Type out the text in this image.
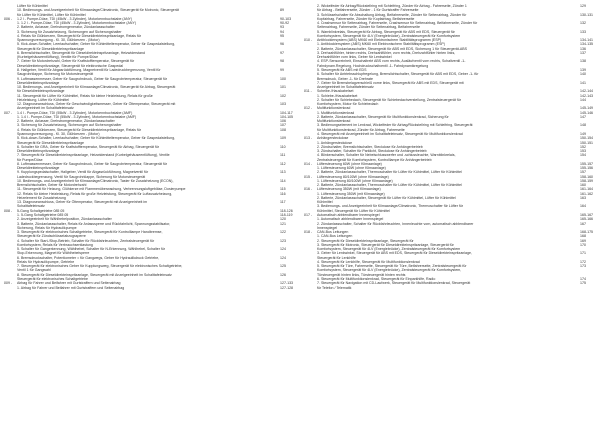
Lüfter für Kühlmittel
10. Bedienungs- und Anzeigeeinheit für Klimaanlage/Climatronic, Steuergerät für Motronic, Steuergerät	89
für Lüfter für Kühlmittel, Lüfter für Kühlmittel
006 -	1.2 l - Pumpe-Düse, TDI (45kW - 3 Zylinder), Motorkennbuchstabe (ANY)	90-103
1. 1.2 l - Pumpe-Düse, TDI (45kW - 3 Zylinder), Motorkennbuchstabe (ANY)	90-92
2. Batterie, Anlasser, Drehstromgenerator, Zündanlassschalter	93
3. Sicherung für Zusatzheizung, Sicherungen auf Sicherungshalter	94
4. Relais für Glühkerzen, Steuergerät für Dieseldirekteinspritzanlage, Relais für	95
Spannungsversorgung - Kl. 30, Glühkerzen - (Motor)
5. Kick-down-Schalter, Leerlaufschalter, Geber für Kühlmitteltemperatur, Geber für Gaspedalstellung,	96
Steuergerät für Dieseldirekteinspritzanlage
6. Bremslichtschalter, Steuergerät für Dieseldirekteinspritzanlage, Heizwiderstand	97
(Kurbelgehäuseentlüftung), Ventile für Pumpe/Düse
7. Geber für Motordrehzahl, Geber für Kraftstofftemperatur, Steuergerät für	98
Dieseldirekteinspritzanlage, Steuergerät für elektronische Gaspedal
8. Hallgeber, Ventil für Abgasrückführung, Magnetventil für Ladedruckbegrenzung, Ventil für	99
Saugrohrklappe, Sicherung für Motorsteuergerät
9. Luftmassenmesser, Geber für Saugrohrdruck, Geber für Saugrohrtemperatur, Steuergerät für	100
Dieseldirekteinspritzanlage
10. Bedienungs- und Anzeigeeinheit für Klimaanlage/Climatronic, Steuergerät für Airbag, Steuergerät	101
für Dieseldirekteinspritzanlage
11. Steuergerät für Lüfter für Kühlmittel, Relais für kleine Heizleistung, Relais für große	102
Heizleistung, Lüfter für Kühlmittel
12. Diagnoseanschluss, Geber für Geschwindigkeitsmesser, Geber für Öltemperatur, Steuergerät mit	103
Anzeigeeinheit im Schalttafeleinsatz
007 -	1.4 l - Pumpe-Düse, TDI (55kW - 3 Zylinder), Motorkennbuchstabe (AMF)	104-117
1. 1.4 l - Pumpe-Düse, TDI (55kW - 3 Zylinder), Motorkennbuchstabe (AMF)	104-105
2. Batterie, Anlasser, Drehstromgenerator, Zündanlassschalter	106
3. Sicherung für Zusatzheizung, Sicherungen auf Sicherungshalter	107
4. Relais für Glühkerzen, Steuergerät für Dieseldirekteinspritzanlage, Relais für	108
Spannungsversorgung - Kl. 30, Glühkerzen - (Motor)
5. Kick-down-Schalter, Leerlaufschalter, Geber für Kühlmitteltemperatur, Geber für Gaspedalstellung,	109
Steuergerät für Dieseldirekteinspritzanlage
6. Schalter für GRA, Geber für Kraftstofftemperatur, Steuergerät für Airbag, Steuergerät für	110
Dieseldirekteinspritzanlage
7. Steuergerät für Dieseldirekteinspritzanlage, Heizwiderstand (Kurbelgehäuseentlüftung), Ventile	111
für Pumpe/Düse
8. Luftmassenmesser, Geber für Saugrohrdruck, Geber für Saugrohrtemperatur, Steuergerät für	112
Dieseldirekteinspritzanlage
9. Kupplungspedalschalter, Hallgeber, Ventil für Abgasrückführung, Magnetventil für	113
Ladedruckbegrenzung, Ventil für Saugrohrklappe, Sicherung für Motorsteuergerät
10. Bedienungs- und Anzeigeeinheit für Klimaanlage/Climatronic, Taster für Zusatzheizung (ECON),	114
Bremslichtschalter, Geber für Motordrehzahl
11. Steuergerät für Heizung, Glühkerze mit Flammenüberwachung, Verbrennungsluftgebläse, Dosierpumpe	115
12. Relais für kleine Heizleistung, Relais für große Heizleistung, Steuergerät für Luftzusatzheizung,	116
Heizelement für Zusatzheizung
13. Diagnoseanschluss, Geber für Öltemperatur, Steuergerät mit Anzeigeeinheit im	117
Schalttafeleinsatz
008 -	5-Gang Schaltgetriebe 085 05	118-126
1. 5-Gang Schaltgetriebe 085 05	118-119
2. Anzeigeeinheit für Wählhebelposition, Zündanlassschalter	120
3. Batterie, Zündanlassschalter, Relais für Anlasssperre und Rückfahrlicht, Spannungsstabilisator,	121
Sicherung, Relais für Hydraulikpumpe
3. Steuergerät für elektronisches Schaltgetriebe, Steuergerät für Kontrolllampe Handbremse,	122
Steuergerät für Zündschlüsselabzugssperre
4. Schalter für Start-/Stop-Betrieb, Schalter für Rückfahrleuchten, Zentralsteuergerät für	123
Komfortsystem, Relais für Verbrauchsentlastung
5. Schalter für Gangerkennung, Wählhebel, Schalter für N-Erkennung, Wählhebel, Schalter für	124
Stop-Erkennung, Magnet für Wählhebelsperre
6. Bremsdruckschalter, Potentiometer = für Gangwegs, Geber für Hydraulikdruck Getriebe,	124
Relais für Hydraulikpumpe, Getriebe
7. Steuergerät für elektronisches Geber für Kupplungsweg, Steuergerät für elektronisches Schaltgetriebe,	125
Ventil 1 für Gangwahl
8. Steuergerät für Dieseldirekteinspritzanlage, Steuergerät mit Anzeigeeinheit im Schalttafeleinsatz	126
Steuergerät für elektronisches Schaltgetriebe
009 -	Airbag für Fahrer und Beifahrer mit Gurtstraffern und Seitenairbag	127-133
1. Airbag für Fahrer und Beifahrer mit Gurtstraffern und Seitenairbag	127-128
2. Wickelfeder für Airbag/Rückstellring mit Schleifring, Zünder für Airbag - Fahrerseite, Zünder 1	129
für Airbag - Beifahrerseite, Zünder - 1 für Gurtstraffer Fahrerseite
3. Schlüsselschalter für Abschaltung Airbag, Beifahrerseite, Zünder für Seitenairbag, Zünder für	130-131
Kopfairbag, Fahrerseite, Zünder für Kopfairbag, Beifahrerseite
4. Crashsensor für Seitenairbag, Fahrerseite, Crashsensor für Seitenairbag, Beifahrerseite, Zünder für	132
Seitenairbag, Fahrerseite, Zünder für Seitenairbag, Beifahrerseite
5. Warnblinkrelais, Steuergerät für Airbag, Steuergerät für ABS mit EDS, Steuergerät für	133
Komfortsystem, Steuergerät für 4LV (Energiebrücke), Zentralsteuergerät für Komfortsystem
010 -	Antiblockiersystem (ABS) MK60 mit Elektronischem Stabilitätsprogramm (ESP)	134-141
1. Antiblockiersystem (ABS) MK60 mit Elektronischem Stabilitätsprogramm (ESP)	134-135
2. Batterie, Zündanlassschalter, Steuergerät für ABS mit EDS, Sicherung 1 für Steuergerät-ABS	136
3. Drehzahlfühler, hinten rechts, Drehzahlfühler, vorn rechts, Drehzahlfühler hinten links,	137
Drehzahlfühler vorn links, Geber für Lenkwinkel
4. ESP-Sensoreinheit, Einschaltrelé ABS vorn rechts, Ausläufventil vorn rechts, Schaltventil -1-	138
Fahrdynam.Regelung, Hochdruckschaltventil -1- Fahrdynamikregelung
5. Steuergerät für ABS mit EDS	139
6. Schalter für Antriebsschlupfregelung, Bremslichtschalter, Steuergerät für ABS mit EDS, Geber -1- für	140
Bremsdruck, Geber -1- für Drehrate
7. Geber für Bremsbelagverschleiß vorne links, Steuergerät für ABS mit EDS, Steuergerät mit	141
Anzeigeeinheit im Schalttafeleinsatz
011 -	Scheibe-/Hauskabelset	142-144
1. Schiebe-/Hauskabelset	142-143
2. Schalter für Schiebedach, Steuergerät für Schiebedachverstellung, Zentralsteuergerät für	144
Komfortsystem, Motor für Schiebedach
012 -	Multifunktionslenkrad	145-149
1. Multifunktionslenkrad	145-146
2. Batterie, Zündanlassschalter, Steuergerät für Multifunktionslenkrad, Sicherung für	147
Multifunktionslenkrad
3. Bedienungselement im Lenkrad, Wickelfeder für Airbag/Rückstellring mit Schleifring, Steuergerät	148
für Multifunktionslenkrad, Zünder für Airbag, Fahrerseite
4. Steuergerät mit Anzeigeeinheit im Schalttafeleinsatz, Steuergerät für Multifunktionslenkrad	149
013 -	Anhängersteckdose	150-154
1. Anhängersteckdose	150-151
2. Zündschalter, Bremslichtschalter, Steckdose für Anhängerbetrieb	152
3. Zündschalter, Schalter für Parklicht, Steckdose für Anhängerbetrieb	153
4. Blinkerschalter, Schalter für Nebelschlusswerfer und -schlussleuchte, Warnblinkrelais,	154
Zentralsteuergerät für Komfortsystem, Kontrolllampe für Anhängerbetrieb
014 -	Lüftersteuerung 60W (ohne Klimaanlage)	155-157
1. Lüftersteuerung 60W (ohne Klimaanlage)	155-156
2. Batterie, Zündanlassschalter, Thermoschalter für Lüfter für Kühlmittel, Lüfter für Kühlmittel	157
015 -	Lüftersteuerung 80/100W (ohne Klimaanlage)	158-160
1. Lüftersteuerung 80/100W (ohne Klimaanlage)	158-159
2. Batterie, Zündanlassschalter, Thermoschalter für Lüfter für Kühlmittel, Lüfter für Kühlmittel	160
016 -	Lüftersteuerung 350W (mit Klimaanlage)	161-164
1. Lüftersteuerung 350W (mit Klimaanlage)	161-162
2. Batterie, Zündanlassschalter, Steuergerät für Lüfter für Kühlmittel, Lüfter für Kühlmittel	163
Kühlmittel
3. Bedienungs- und Anzeigeeinheit für Klimaanlage/Climatronic, Thermoschalter für Lüfter für	164
Kühlmittel, Steuergerät für Lüfter für Kühlmittel
017 -	Automatisch abblendbarer Innenspiegel	165-167
1. Automatisch abblendbarer Innenspiegel	165-166
2. Zündanlassschalter, Schalter für Rückfahrleuchten, Innenleuchte vorn, automatisch abblendbarer	167
Innenspiegel
018 -	CAN-Bus Leitungen	168-175
1. CAN-Bus Leitungen	168
2. Steuergerät für Dieseldirekteinspritzanlage, Steuergerät für	169
3. Steuergerät für Motronic, Steuergerät für Dieseldirekteinspritzanlage, Steuergerät für	170
Komfortsystem, Steuergerät für 4LV (Energiebrücke), Zentralsteuergerät für Komfortsystem
3. Geber für Lenkwinkel, Steuergerät für ABS mit EDS, Steuergerät für Dieseldirekteinspritzanlage,	171
Steuergerät für Lenkhilfe
4. Steuergerät für Lenkhilfe, Steuergerät für Multifunktionslenkrad	172
5. Steuergerät für Türe, Fahrerseite, Steuergerät für Türe, Beifahrerseite, Zentralsteuergerät für	173
Komfortsystem, Steuergerät für 4LV (Energiebrücke), Zentralsteuergerät für Komfortsystem,
Türsteuergerät hinten links, Türsteuergerät hinten rechts
6. Steuergerät für Multifunktionslenkrad, Steuergerät für Einparkhilfe, Radio	174
7. Steuergerät für Navigation mit CD-Laufwerk, Steuergerät für Multifunktionslenkrad, Steuergerät	175
für Telefon / Telematik
